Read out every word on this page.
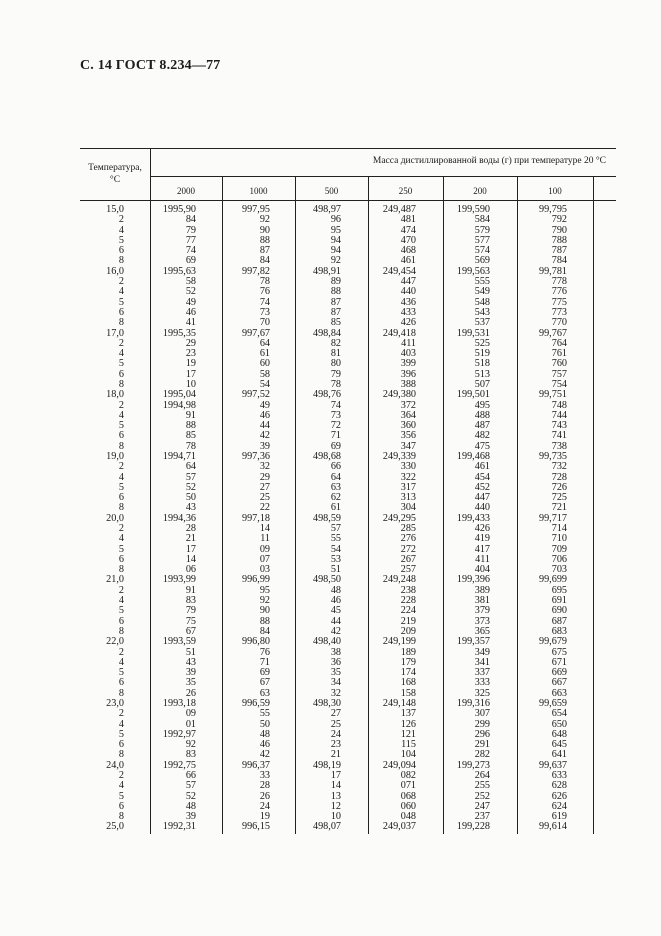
С. 14 ГОСТ 8.234—77
Температура,
°C
Масса дистиллированной воды (г) при температуре 20 °С
2000	1000	500	250	200	100
15,0	1995,90	997,95	498,97	249,487	199,590	99,795
2	84	92	96	481	584	792
4	79	90	95	474	579	790
5	77	88	94	470	577	788
6	74	87	94	468	574	787
8	69	84	92	461	569	784
16,0	1995,63	997,82	498,91	249,454	199,563	99,781
2	58	78	89	447	555	778
4	52	76	88	440	549	776
5	49	74	87	436	548	775
6	46	73	87	433	543	773
8	41	70	85	426	537	770
17,0	1995,35	997,67	498,84	249,418	199,531	99,767
2	29	64	82	411	525	764
4	23	61	81	403	519	761
5	19	60	80	399	518	760
6	17	58	79	396	513	757
8	10	54	78	388	507	754
18,0	1995,04	997,52	498,76	249,380	199,501	99,751
2	1994,98	49	74	372	495	748
4	91	46	73	364	488	744
5	88	44	72	360	487	743
6	85	42	71	356	482	741
8	78	39	69	347	475	738
19,0	1994,71	997,36	498,68	249,339	199,468	99,735
2	64	32	66	330	461	732
4	57	29	64	322	454	728
5	52	27	63	317	452	726
6	50	25	62	313	447	725
8	43	22	61	304	440	721
20,0	1994,36	997,18	498,59	249,295	199,433	99,717
2	28	14	57	285	426	714
4	21	11	55	276	419	710
5	17	09	54	272	417	709
6	14	07	53	267	411	706
8	06	03	51	257	404	703
21,0	1993,99	996,99	498,50	249,248	199,396	99,699
2	91	95	48	238	389	695
4	83	92	46	228	381	691
5	79	90	45	224	379	690
6	75	88	44	219	373	687
8	67	84	42	209	365	683
22,0	1993,59	996,80	498,40	249,199	199,357	99,679
2	51	76	38	189	349	675
4	43	71	36	179	341	671
5	39	69	35	174	337	669
6	35	67	34	168	333	667
8	26	63	32	158	325	663
23,0	1993,18	996,59	498,30	249,148	199,316	99,659
2	09	55	27	137	307	654
4	01	50	25	126	299	650
5	1992,97	48	24	121	296	648
6	92	46	23	115	291	645
8	83	42	21	104	282	641
24,0	1992,75	996,37	498,19	249,094	199,273	99,637
2	66	33	17	082	264	633
4	57	28	14	071	255	628
5	52	26	13	068	252	626
6	48	24	12	060	247	624
8	39	19	10	048	237	619
25,0	1992,31	996,15	498,07	249,037	199,228	99,614
